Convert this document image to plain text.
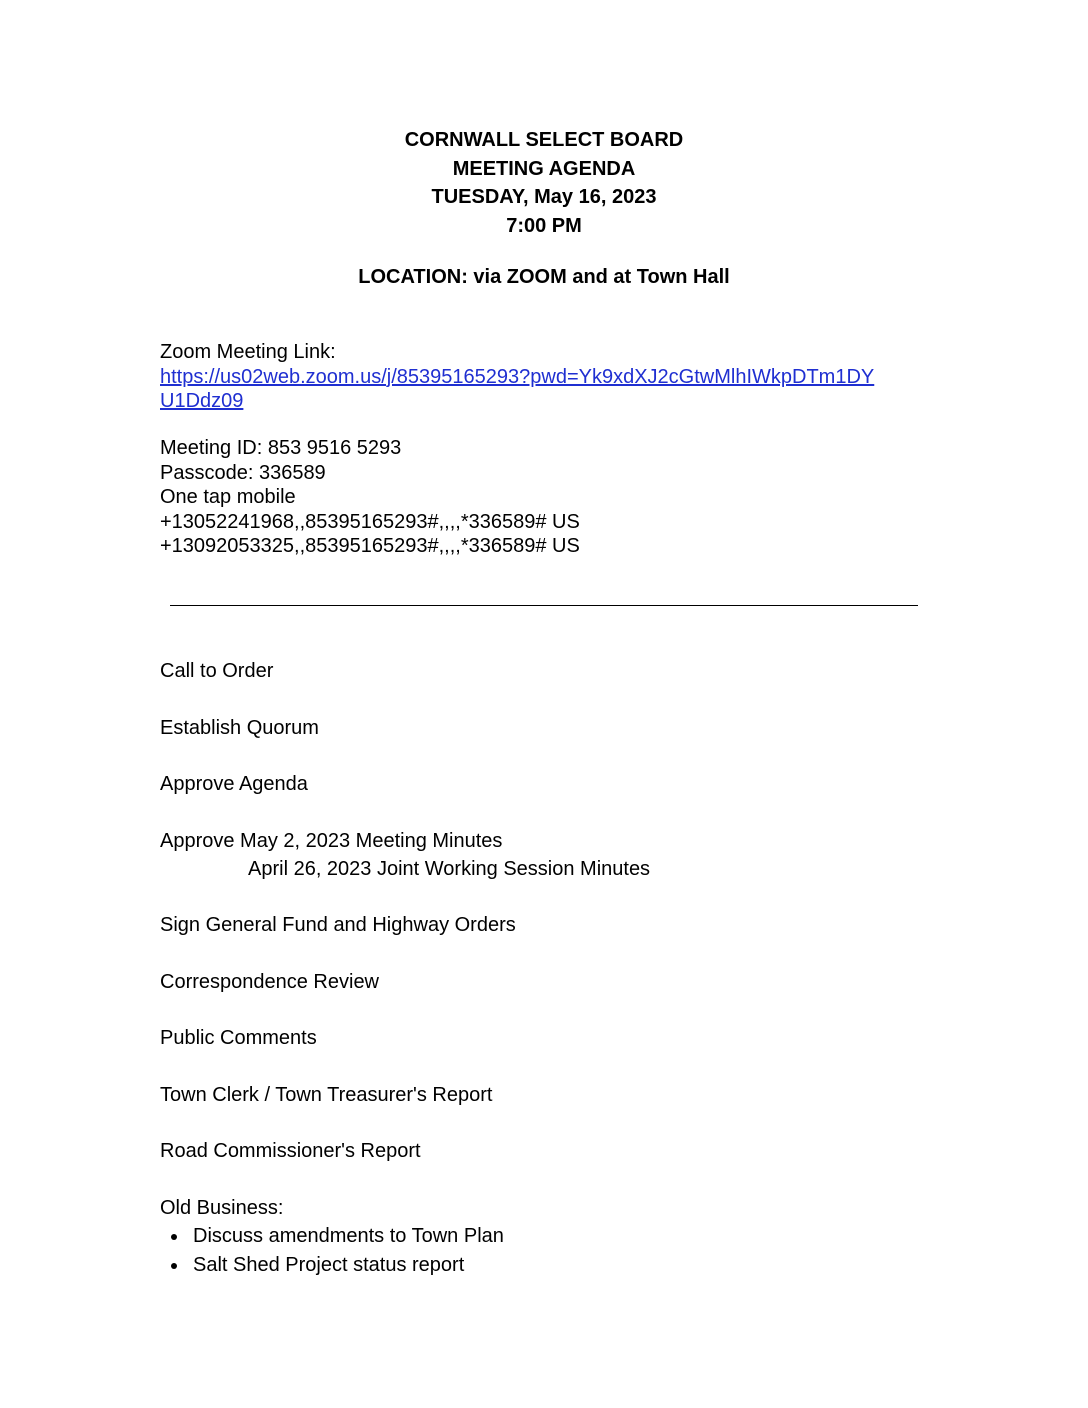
CORNWALL SELECT BOARD
MEETING AGENDA
TUESDAY, May 16, 2023
7:00 PM
LOCATION: via ZOOM and at Town Hall
Zoom Meeting Link:
https://us02web.zoom.us/j/85395165293?pwd=Yk9xdXJ2cGtwMlhIWkpDTm1DY
U1Ddz09
Meeting ID: 853 9516 5293
Passcode: 336589
One tap mobile
+13052241968,,85395165293#,,,,*336589# US
+13092053325,,85395165293#,,,,*336589# US
Call to Order
Establish Quorum
Approve Agenda
Approve May 2, 2023 Meeting Minutes
April 26, 2023 Joint Working Session Minutes
Sign General Fund and Highway Orders
Correspondence Review
Public Comments
Town Clerk / Town Treasurer's Report
Road Commissioner's Report
Old Business:
Discuss amendments to Town Plan
Salt Shed Project status report
